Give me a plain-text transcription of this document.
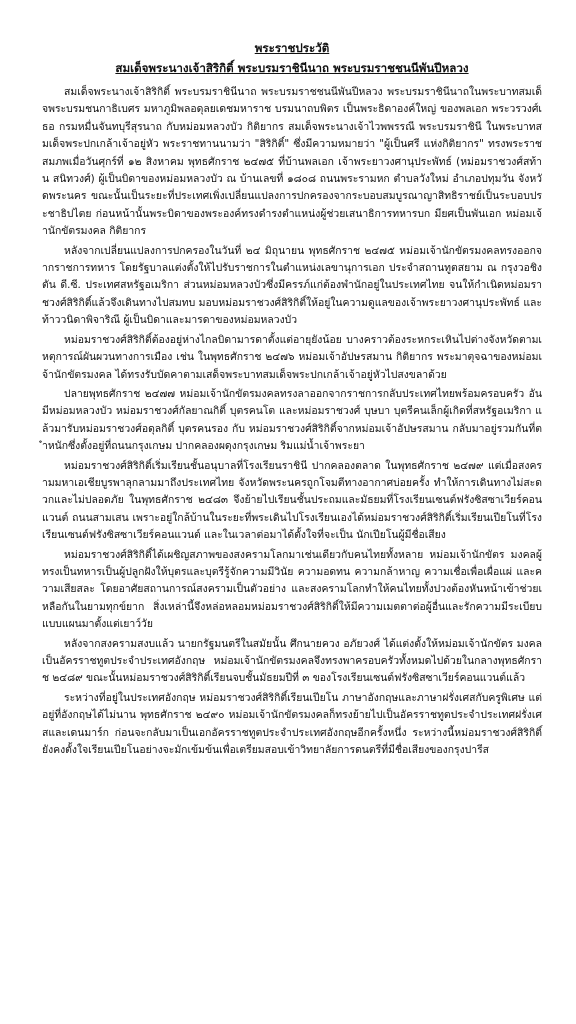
พระราชประวัติ
สมเด็จพระนางเจ้าสิริกิติ์ พระบรมราชินีนาถ พระบรมราชชนนีพันปีหลวง

สมเด็จพระนางเจ้าสิริกิติ์ พระบรมราชินีนาถ พระบรมราชชนนีพันปีหลวง พระบรมราชินีนาถในพระบาทสมเด็จพระบรมชนกาธิเบศร มหาภูมิพลอดุลยเดชมหาราช บรมนาถบพิตร เป็นพระธิดาองค์ใหญ่ ของพลเอก พระวรวงศ์เธอ กรมหมื่นจันทบุรีสุรนาถ กับหม่อมหลวงบัว กิติยากร สมเด็จพระนางเจ้าไวพพรรณี พระบรมราชินี ในพระบาทสมเด็จพระปกเกล้าเจ้าอยู่หัว พระราชทานนามว่า "สิริกิติ์" ซึ่งมีความหมายว่า "ผู้เป็นศรี แห่งกิติยากร" ทรงพระราชสมภพเมื่อวันศุกร์ที่ ๑๒ สิงหาคม พุทธศักราช ๒๔๗๕ ที่บ้านพลเอก เจ้าพระยาวงศานุประพัทธ์ (หม่อมราชวงศ์สท้าน สนิทวงศ์) ผู้เป็นบิดาของหม่อมหลวงบัว ณ บ้านเลขที่ ๑๘๐๘ ถนนพระรามหก ตำบลวังใหม่ อำเภอปทุมวัน จังหวัดพระนคร ขณะนั้นเป็นระยะที่ประเทศเพิ่งเปลี่ยนแปลงการปกครองจากระบอบสมบูรณาญาสิทธิราชย์เป็นระบอบประชาธิปไตย ก่อนหน้านั้นพระบิดาของพระองค์ทรงดำรงตำแหน่งผู้ช่วยเสนาธิการทหารบก มียศเป็นพันเอก หม่อมเจ้านักขัตรมงคล กิติยากร

หลังจากเปลี่ยนแปลงการปกครองในวันที่ ๒๔ มิถุนายน พุทธศักราช ๒๔๗๕ หม่อมเจ้านักขัตรมงคลทรงออกจากราชการทหาร โดยรัฐบาลแต่งตั้งให้ไปรับราชการในตำแหน่งเลขานุการเอก ประจำสถานทูตสยาม ณ กรุงวอชิงตัน ดี.ซี. ประเทศสหรัฐอเมริกา ส่วนหม่อมหลวงบัวซึ่งมีครรภ์แก่ต้องพำนักอยู่ในประเทศไทย จนให้กำเนิดหม่อมราชวงศ์สิริกิติ์แล้วจึงเดินทางไปสมทบ มอบหม่อมราชวงศ์สิริกิติ์ให้อยู่ในความดูแลของเจ้าพระยาวงศานุประพัทธ์ และท้าววนิดาพิจาริณี ผู้เป็นบิดาและมารดาของหม่อมหลวงบัว

หม่อมราชวงศ์สิริกิติ์ต้องอยู่ห่างไกลบิดามารดาตั้งแต่อายุยังน้อย บางคราวต้องระหกระเหินไปต่างจังหวัดตามเหตุการณ์ผันผวนทางการเมือง เช่น ในพุทธศักราช ๒๔๗๖ หม่อมเจ้าอัปษรสมาน กิติยากร พระมาตุจฉาของหม่อมเจ้านักขัตรมงคล ได้ทรงรับบัดคาตามเสด็จพระบาทสมเด็จพระปกเกล้าเจ้าอยู่หัวไปสงขลาด้วย

ปลายพุทธศักราช ๒๔๗๗ หม่อมเจ้านักขัตรมงคลทรงลาออกจากราชการกลับประเทศไทยพร้อมครอบครัว อันมีหม่อมหลวงบัว หม่อมราชวงศ์กัลยาณกิติ์ บุตรคนโต และหม่อมราชวงศ์ บุษบา บุตรีคนเล็กผู้เกิดที่สหรัฐอเมริกา แล้วมารับหม่อมราชวงศ์อดุลกิติ์ บุตรคนรอง กับ หม่อมราชวงศ์สิริกิติ์จากหม่อมเจ้าอัปษรสมาน กลับมาอยู่รวมกันที่ตำหนักซึ่งตั้งอยู่ที่ถนนกรุงเกษม ปากคลองผดุงกรุงเกษม ริมแม่น้ำเจ้าพระยา

หม่อมราชวงศ์สิริกิติ์เริ่มเรียนชั้นอนุบาลที่โรงเรียนราชินี ปากคลองตลาด ในพุทธศักราช ๒๔๗๙ แต่เมื่อสงครามมหาเอเชียบูรพาลุกลามมาถึงประเทศไทย จังหวัดพระนครถูกโจมตีทางอากาศบ่อยครั้ง ทำให้การเดินทางไม่สะดวกและไม่ปลอดภัย ในพุทธศักราช ๒๔๘๓ จึงย้ายไปเรียนชั้นประถมและมัธยมที่โรงเรียนเซนต์ฟรังซิสซาเวียร์คอนแวนต์ ถนนสามเสน เพราะอยู่ใกล้บ้านในระยะที่พระเดินไปโรงเรียนเองได้หม่อมราชวงศ์สิริกิติ์เริ่มเรียนเปียโนที่โรงเรียนเซนต์ฟรังซิสซาเวียร์คอนแวนต์ และในเวลาต่อมาได้ตั้งใจที่จะเป็น นักเปียโนผู้มีชื่อเสียง

หม่อมราชวงศ์สิริกิติ์ได้เผชิญสภาพของสงครามโลกมาเช่นเดียวกับคนไทยทั้งหลาย หม่อมเจ้านักขัตร มงคลผู้ทรงเป็นทหารเป็นผู้ปลูกฝังให้บุตรและบุตรีรู้จักความมีวินัย ความอดทน ความกล้าหาญ ความเชื่อเพื่อเผื่อแผ่ และความเสียสละ โดยอาศัยสถานการณ์สงครามเป็นตัวอย่าง และสงครามโลกทำให้คนไทยทั้งปวงต้องหันหน้าเข้าช่วยเหลือกันในยามทุกข์ยาก สิ่งเหล่านี้จึงหล่อหลอมหม่อมราชวงศ์สิริกิติ์ให้มีความเมตตาต่อผู้อื่นและรักความมีระเบียบแบบแผนมาตั้งแต่เยาว์วัย

หลังจากสงครามสงบแล้ว นายกรัฐมนตรีในสมัยนั้น ศึกนายควง อภัยวงศ์ ได้แต่งตั้งให้หม่อมเจ้านักขัตร มงคลเป็นอัครราชทูตประจำประเทศอังกฤษ หม่อมเจ้านักขัตรมงคลจึงทรงพาครอบครัวทั้งหมดไปด้วยในกลางพุทธศักราช ๒๔๘๙ ขณะนั้นหม่อมราชวงศ์สิริกิติ์เรียนจบชั้นมัธยมปีที่ ๓ ของโรงเรียนเซนต์ฟรังซิสซาเวียร์คอนแวนต์แล้ว

ระหว่างที่อยู่ในประเทศอังกฤษ หม่อมราชวงศ์สิริกิติ์เรียนเปียโน ภาษาอังกฤษและภาษาฝรั่งเศสกับครูพิเศษ แต่อยู่ที่อังกฤษได้ไม่นาน พุทธศักราช ๒๔๙๐ หม่อมเจ้านักขัตรมงคลก็ทรงย้ายไปเป็นอัครราชทูตประจำประเทศฝรั่งเศสและเดนมาร์ก ก่อนจะกลับมาเป็นเอกอัครราชทูตประจำประเทศอังกฤษอีกครั้งหนึ่ง ระหว่างนี้หม่อมราชวงศ์สิริกิติ์ ยังคงตั้งใจเรียนเปียโนอย่างจะมักเข้มข้นเพื่อเตรียมสอบเข้าวิทยาลัยการดนตรีที่มีชื่อเสียงของกรุงปารีส
